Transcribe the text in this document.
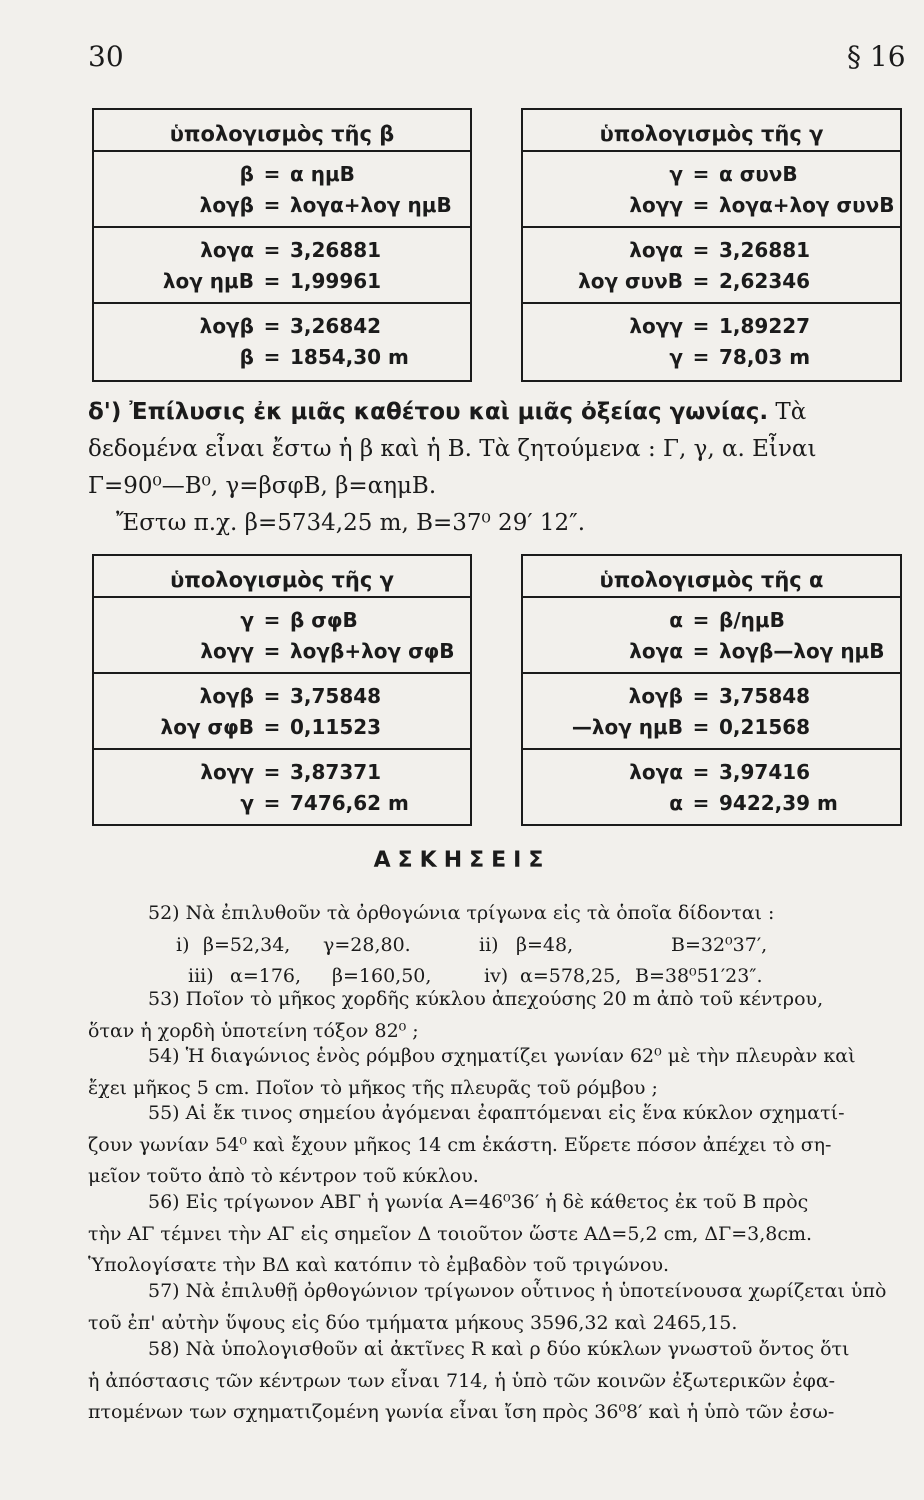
30	§ 16
ὑπολογισμὸς τῆς β
β = α ημΒ
λογβ = λογα+λογ ημΒ
λογα = 3,26881
λογ ημΒ = 1,99961
λογβ = 3,26842
β = 1854,30 m
ὑπολογισμὸς τῆς γ
γ = α συνΒ
λογγ = λογα+λογ συνΒ
λογα = 3,26881
λογ συνΒ = 2,62346
λογγ = 1,89227
γ = 78,03 m
δ') Ἐπίλυσις ἐκ μιᾶς καθέτου καὶ μιᾶς ὀξείας γωνίας. Τὰ
δεδομένα εἶναι ἔστω ἡ β καὶ ἡ Β. Τὰ ζητούμενα : Γ, γ, α. Εἶναι
Γ=90⁰—Β⁰, γ=βσφΒ, β=αημΒ.
Ἔστω π.χ. β=5734,25 m, Β=37⁰ 29′ 12″.
ὑπολογισμὸς τῆς γ
γ = β σφΒ
λογγ = λογβ+λογ σφΒ
λογβ = 3,75848
λογ σφΒ = 0,11523
λογγ = 3,87371
γ = 7476,62 m
ὑπολογισμὸς τῆς α
α = β/ημΒ
λογα = λογβ—λογ ημΒ
λογβ = 3,75848
—λογ ημΒ = 0,21568
λογα = 3,97416
α = 9422,39 m
ΑΣΚΗΣΕΙΣ
52) Νὰ ἐπιλυθοῦν τὰ ὀρθογώνια τρίγωνα εἰς τὰ ὁποῖα δίδονται :
i) β=52,34,	γ=28,80.	ii) β=48,	Β=32⁰37′,
iii) α=176,	β=160,50,	iv) α=578,25, Β=38⁰51′23″.
53) Ποῖον τὸ μῆκος χορδῆς κύκλου ἀπεχούσης 20 m ἀπὸ τοῦ κέντρου,
ὅταν ἡ χορδὴ ὑποτείνη τόξον 82⁰ ;
54) Ἡ διαγώνιος ἑνὸς ρόμβου σχηματίζει γωνίαν 62⁰ μὲ τὴν πλευρὰν καὶ
ἔχει μῆκος 5 cm. Ποῖον τὸ μῆκος τῆς πλευρᾶς τοῦ ρόμβου ;
55) Αἱ ἔκ τινος σημείου ἀγόμεναι ἐφαπτόμεναι εἰς ἕνα κύκλον σχηματί-
ζουν γωνίαν 54⁰ καὶ ἔχουν μῆκος 14 cm ἑκάστη. Εὕρετε πόσον ἀπέχει τὸ ση-
μεῖον τοῦτο ἀπὸ τὸ κέντρον τοῦ κύκλου.
56) Εἰς τρίγωνον ΑΒΓ ἡ γωνία Α=46⁰36′ ἡ δὲ κάθετος ἐκ τοῦ Β πρὸς
τὴν ΑΓ τέμνει τὴν ΑΓ εἰς σημεῖον Δ τοιοῦτον ὥστε ΑΔ=5,2 cm, ΔΓ=3,8cm.
Ὑπολογίσατε τὴν ΒΔ καὶ κατόπιν τὸ ἐμβαδὸν τοῦ τριγώνου.
57) Νὰ ἐπιλυθῇ ὀρθογώνιον τρίγωνον οὗτινος ἡ ὑποτείνουσα χωρίζεται ὑπὸ
τοῦ ἐπ' αὐτὴν ὕψους εἰς δύο τμήματα μήκους 3596,32 καὶ 2465,15.
58) Νὰ ὑπολογισθοῦν αἱ ἀκτῖνες R καὶ ρ δύο κύκλων γνωστοῦ ὄντος ὅτι
ἡ ἀπόστασις τῶν κέντρων των εἶναι 714, ἡ ὑπὸ τῶν κοινῶν ἐξωτερικῶν ἐφα-
πτομένων των σχηματιζομένη γωνία εἶναι ἴση πρὸς 36⁰8′ καὶ ἡ ὑπὸ τῶν ἐσω-
